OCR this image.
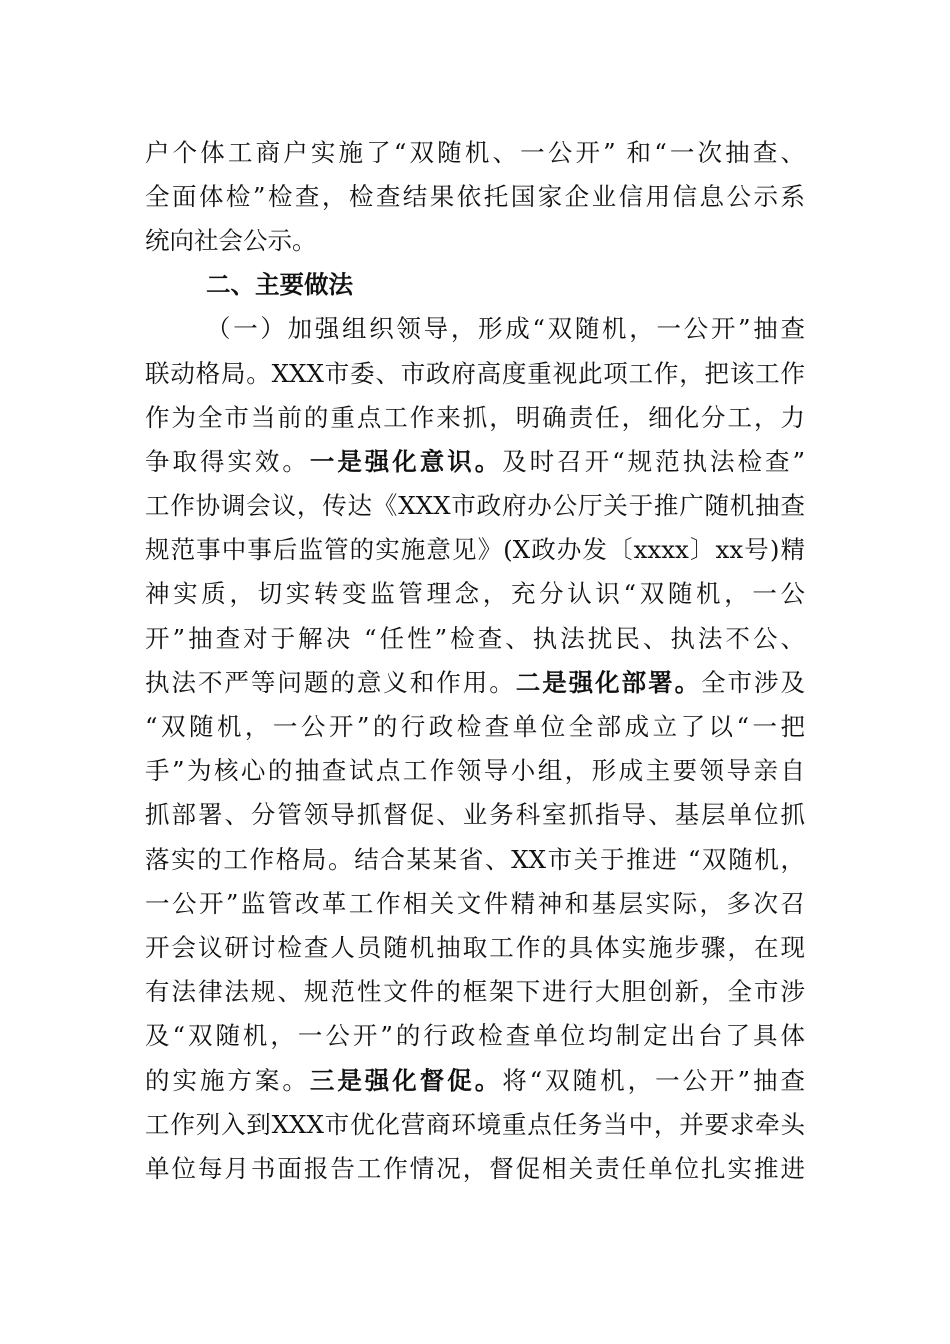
户个体工商户实施了“双随机、一公开” 和“一次抽查、
全面体检”检查，检查结果依托国家企业信用信息公示系
统向社会公示。
二、主要做法
（一）加强组织领导，形成“双随机，一公开”抽查
联动格局。XXX市委、市政府高度重视此项工作，把该工作
作为全市当前的重点工作来抓，明确责任，细化分工，力
争取得实效。一是强化意识。及时召开“规范执法检查”
工作协调会议，传达《XXX市政府办公厅关于推广随机抽查
规范事中事后监管的实施意见》(X政办发〔xxxx〕xx号)精
神实质，切实转变监管理念，充分认识“双随机，一公
开”抽查对于解决 “任性”检查、执法扰民、执法不公、
执法不严等问题的意义和作用。二是强化部署。全市涉及
“双随机，一公开”的行政检查单位全部成立了以“一把
手”为核心的抽查试点工作领导小组，形成主要领导亲自
抓部署、分管领导抓督促、业务科室抓指导、基层单位抓
落实的工作格局。结合某某省、XX市关于推进 “双随机，
一公开”监管改革工作相关文件精神和基层实际，多次召
开会议研讨检查人员随机抽取工作的具体实施步骤，在现
有法律法规、规范性文件的框架下进行大胆创新，全市涉
及“双随机，一公开”的行政检查单位均制定出台了具体
的实施方案。三是强化督促。将“双随机，一公开”抽查
工作列入到XXX市优化营商环境重点任务当中，并要求牵头
单位每月书面报告工作情况，督促相关责任单位扎实推进
